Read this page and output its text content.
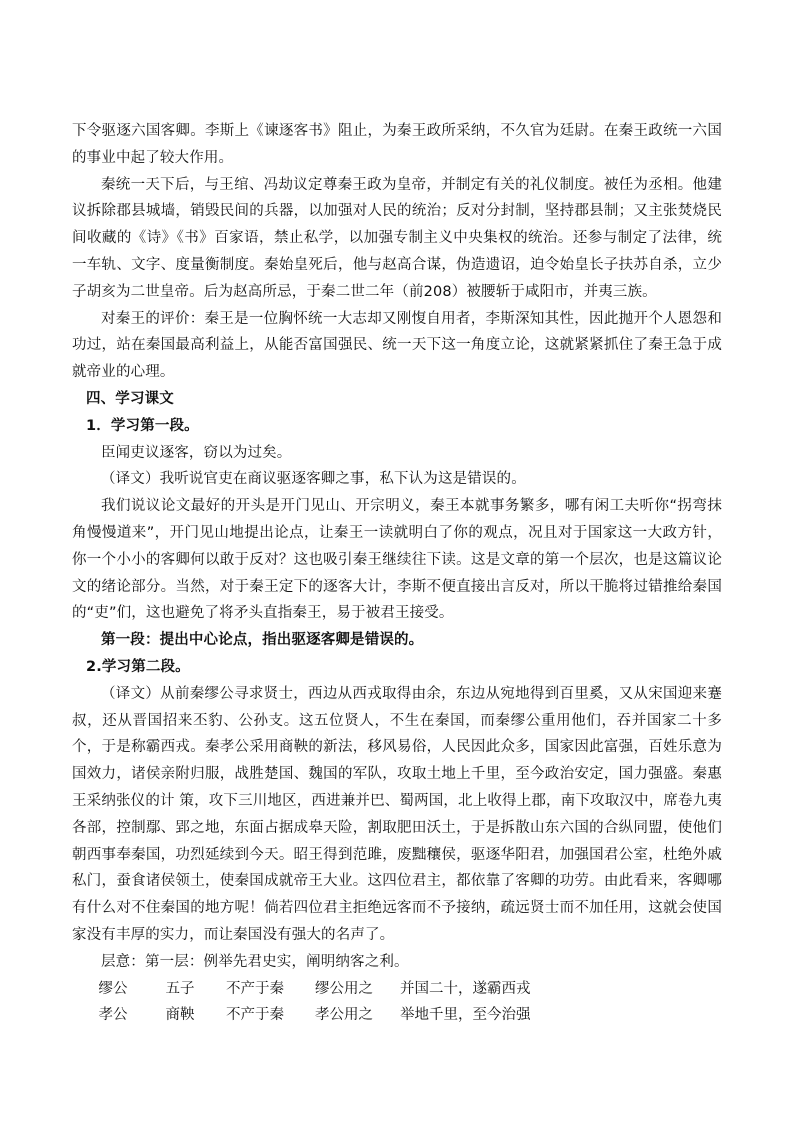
下令驱逐六国客卿。李斯上《谏逐客书》阻止，为秦王政所采纳，不久官为廷尉。在秦王政统一六国的事业中起了较大作用。

秦统一天下后，与王绾、冯劫议定尊秦王政为皇帝，并制定有关的礼仪制度。被任为丞相。他建议拆除郡县城墙，销毁民间的兵器，以加强对人民的统治；反对分封制，坚持郡县制；又主张焚烧民间收藏的《诗》《书》百家语，禁止私学，以加强专制主义中央集权的统治。还参与制定了法律，统一车轨、文字、度量衡制度。秦始皇死后，他与赵高合谋，伪造遗诏，迫令始皇长子扶苏自杀，立少子胡亥为二世皇帝。后为赵高所忌，于秦二世二年（前208）被腰斩于咸阳市，并夷三族。

对秦王的评价：秦王是一位胸怀统一大志却又刚愎自用者，李斯深知其性，因此抛开个人恩怨和功过，站在秦国最高利益上，从能否富国强民、统一天下这一角度立论，这就紧紧抓住了秦王急于成就帝业的心理。

四、学习课文

1．学习第一段。

臣闻吏议逐客，窃以为过矣。

（译文）我听说官吏在商议驱逐客卿之事，私下认为这是错误的。

我们说议论文最好的开头是开门见山、开宗明义，秦王本就事务繁多，哪有闲工夫听你“拐弯抹角慢慢道来”，开门见山地提出论点，让秦王一读就明白了你的观点，况且对于国家这一大政方针，你一个小小的客卿何以敢于反对？这也吸引秦王继续往下读。这是文章的第一个层次，也是这篇议论文的绪论部分。当然，对于秦王定下的逐客大计，李斯不便直接出言反对，所以干脆将过错推给秦国的“吏”们，这也避免了将矛头直指秦王，易于被君王接受。

第一段：提出中心论点，指出驱逐客卿是错误的。

2.学习第二段。

（译文）从前秦缪公寻求贤士，西边从西戎取得由余，东边从宛地得到百里奚，又从宋国迎来蹇叔，还从晋国招来丕豹、公孙支。这五位贤人，不生在秦国，而秦缪公重用他们，吞并国家二十多个，于是称霸西戎。秦孝公采用商鞅的新法，移风易俗，人民因此众多，国家因此富强，百姓乐意为国效力，诸侯亲附归服，战胜楚国、魏国的军队，攻取土地上千里，至今政治安定，国力强盛。秦惠王采纳张仪的计 策，攻下三川地区，西进兼并巴、蜀两国，北上收得上郡，南下攻取汉中，席卷九夷各部，控制鄢、郢之地，东面占据成皋天险，割取肥田沃土，于是拆散山东六国的合纵同盟，使他们朝西事奉秦国，功烈延续到今天。昭王得到范雎，废黜穰侯，驱逐华阳君，加强国君公室，杜绝外戚私门，蚕食诸侯领土，使秦国成就帝王大业。这四位君主，都依靠了客卿的功劳。由此看来，客卿哪有什么对不住秦国的地方呢！倘若四位君主拒绝远客而不予接纳，疏远贤士而不加任用，这就会使国家没有丰厚的实力，而让秦国没有强大的名声了。

层意：第一层：例举先君史实，阐明纳客之利。

缪公	五子	不产于秦	缪公用之	并国二十，遂霸西戎
孝公	商鞅	不产于秦	孝公用之	举地千里，至今治强
